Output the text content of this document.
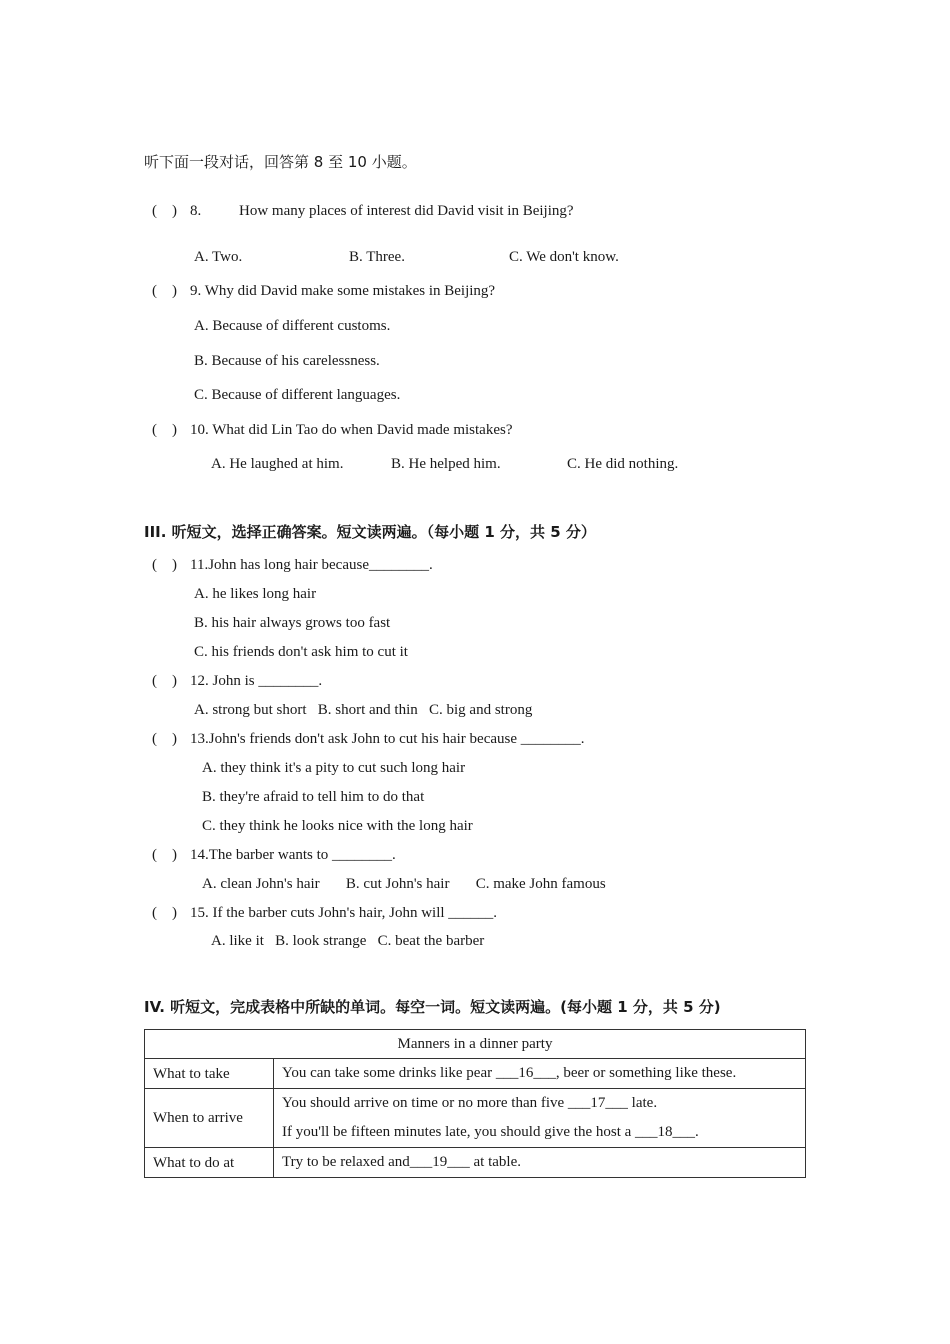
听下面一段对话，回答第 8 至 10 小题。
(    ) 8.	How many places of interest did David visit in Beijing?
A. Two.	B. Three.	C. We don't know.
(    ) 9. Why did David make some mistakes in Beijing?
A. Because of different customs.
B. Because of his carelessness.
C. Because of different languages.
(    ) 10. What did Lin Tao do when David made mistakes?
A. He laughed at him.	B. He helped him.	C. He did nothing.
III. 听短文，选择正确答案。短文读两遍。（每小题 1 分，共 5 分）
(    ) 11.John has long hair because________.
A. he likes long hair
B. his hair always grows too fast
C. his friends don't ask him to cut it
(    ) 12. John is ________.
A. strong but short   B. short and thin   C. big and strong
(    ) 13.John's friends don't ask John to cut his hair because ________.
A. they think it's a pity to cut such long hair
B. they're afraid to tell him to do that
C. they think he looks nice with the long hair
(    ) 14.The barber wants to ________.
A. clean John's hair       B. cut John's hair       C. make John famous
(    ) 15. If the barber cuts John's hair, John will ______.
A. like it   B. look strange   C. beat the barber
IV. 听短文，完成表格中所缺的单词。每空一词。短文读两遍。(每小题 1 分，共 5 分)
Manners in a dinner party	
What to take	You can take some drinks like pear ___16___, beer or something like these.

When to arrive	You should arrive on time or no more than five ___17___ late.
If you'll be fifteen minutes late, you should give the host a ___18___.

What to do at	Try to be relaxed and___19___ at table.
